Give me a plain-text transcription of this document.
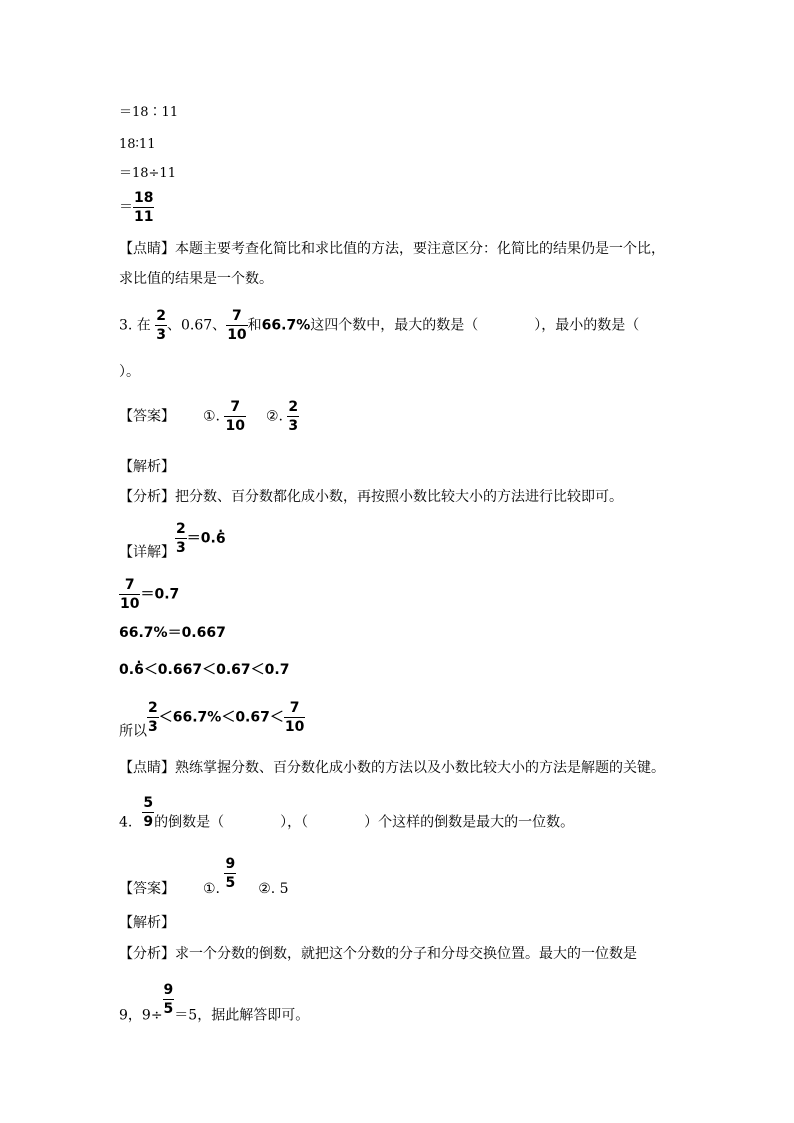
＝18∶11
18∶11
＝18÷11
＝ $\frac{18}{11}$
【点睛】本题主要考查化简比和求比值的方法，要注意区分：化简比的结果仍是一个比，
求比值的结果是一个数。
3. 在 $\frac{2}{3}$ 、0.67、 $\frac{7}{10}$ 和66.7%这四个数中，最大的数是（　　　　），最小的数是（
）。
【答案】 ①. $\frac{7}{10}$ ②. $\frac{2}{3}$
【解析】
【分析】把分数、百分数都化成小数，再按照小数比较大小的方法进行比较即可。
【详解】 $\frac{2}{3} =0.6$ ·
$\frac{7}{10} =0.7$
66.7%＝0.667
0.6 ·＜0.667＜0.67＜0.7
所以 $\frac{2}{3} <66.7\%<0.67< \frac{7}{10}$
【点睛】熟练掌握分数、百分数化成小数的方法以及小数比较大小的方法是解题的关键。
4. $\frac{5}{9}$ 的倒数是（　　　　），（　　　　）个这样的倒数是最大的一位数。
【答案】 ①. $\frac{9}{5}$ ②. 5
【解析】
【分析】求一个分数的倒数，就把这个分数的分子和分母交换位置。最大的一位数是
9，$9\div \frac{9}{5} =5$，据此解答即可。
